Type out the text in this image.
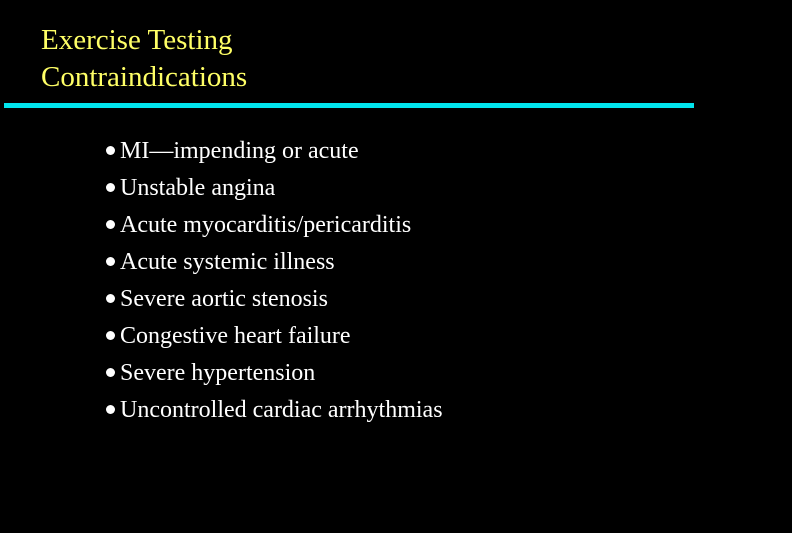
Exercise Testing
Contraindications
MI—impending or acute
Unstable angina
Acute myocarditis/pericarditis
Acute systemic illness
Severe aortic stenosis
Congestive heart failure
Severe hypertension
Uncontrolled cardiac arrhythmias
